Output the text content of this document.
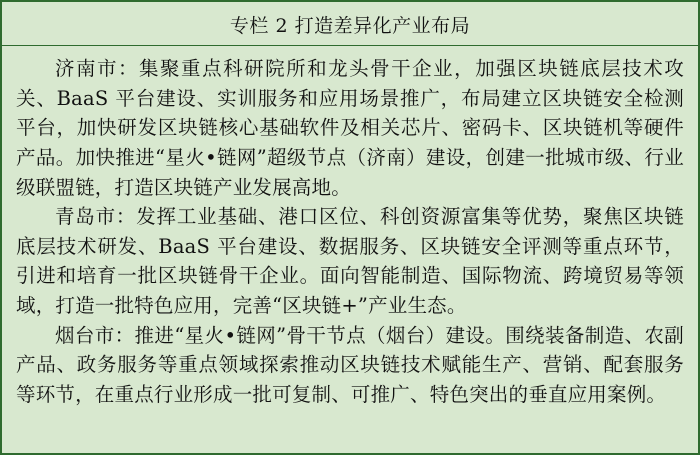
专栏 2 打造差异化产业布局

济南市：集聚重点科研院所和龙头骨干企业，加强区块链底层技术攻关、BaaS 平台建设、实训服务和应用场景推广，布局建立区块链安全检测平台，加快研发区块链核心基础软件及相关芯片、密码卡、区块链机等硬件产品。加快推进“星火•链网”超级节点（济南）建设，创建一批城市级、行业级联盟链，打造区块链产业发展高地。

青岛市：发挥工业基础、港口区位、科创资源富集等优势，聚焦区块链底层技术研发、BaaS 平台建设、数据服务、区块链安全评测等重点环节，引进和培育一批区块链骨干企业。面向智能制造、国际物流、跨境贸易等领域，打造一批特色应用，完善“区块链+”产业生态。

烟台市：推进“星火•链网”骨干节点（烟台）建设。围绕装备制造、农副产品、政务服务等重点领域探索推动区块链技术赋能生产、营销、配套服务等环节，在重点行业形成一批可复制、可推广、特色突出的垂直应用案例。
